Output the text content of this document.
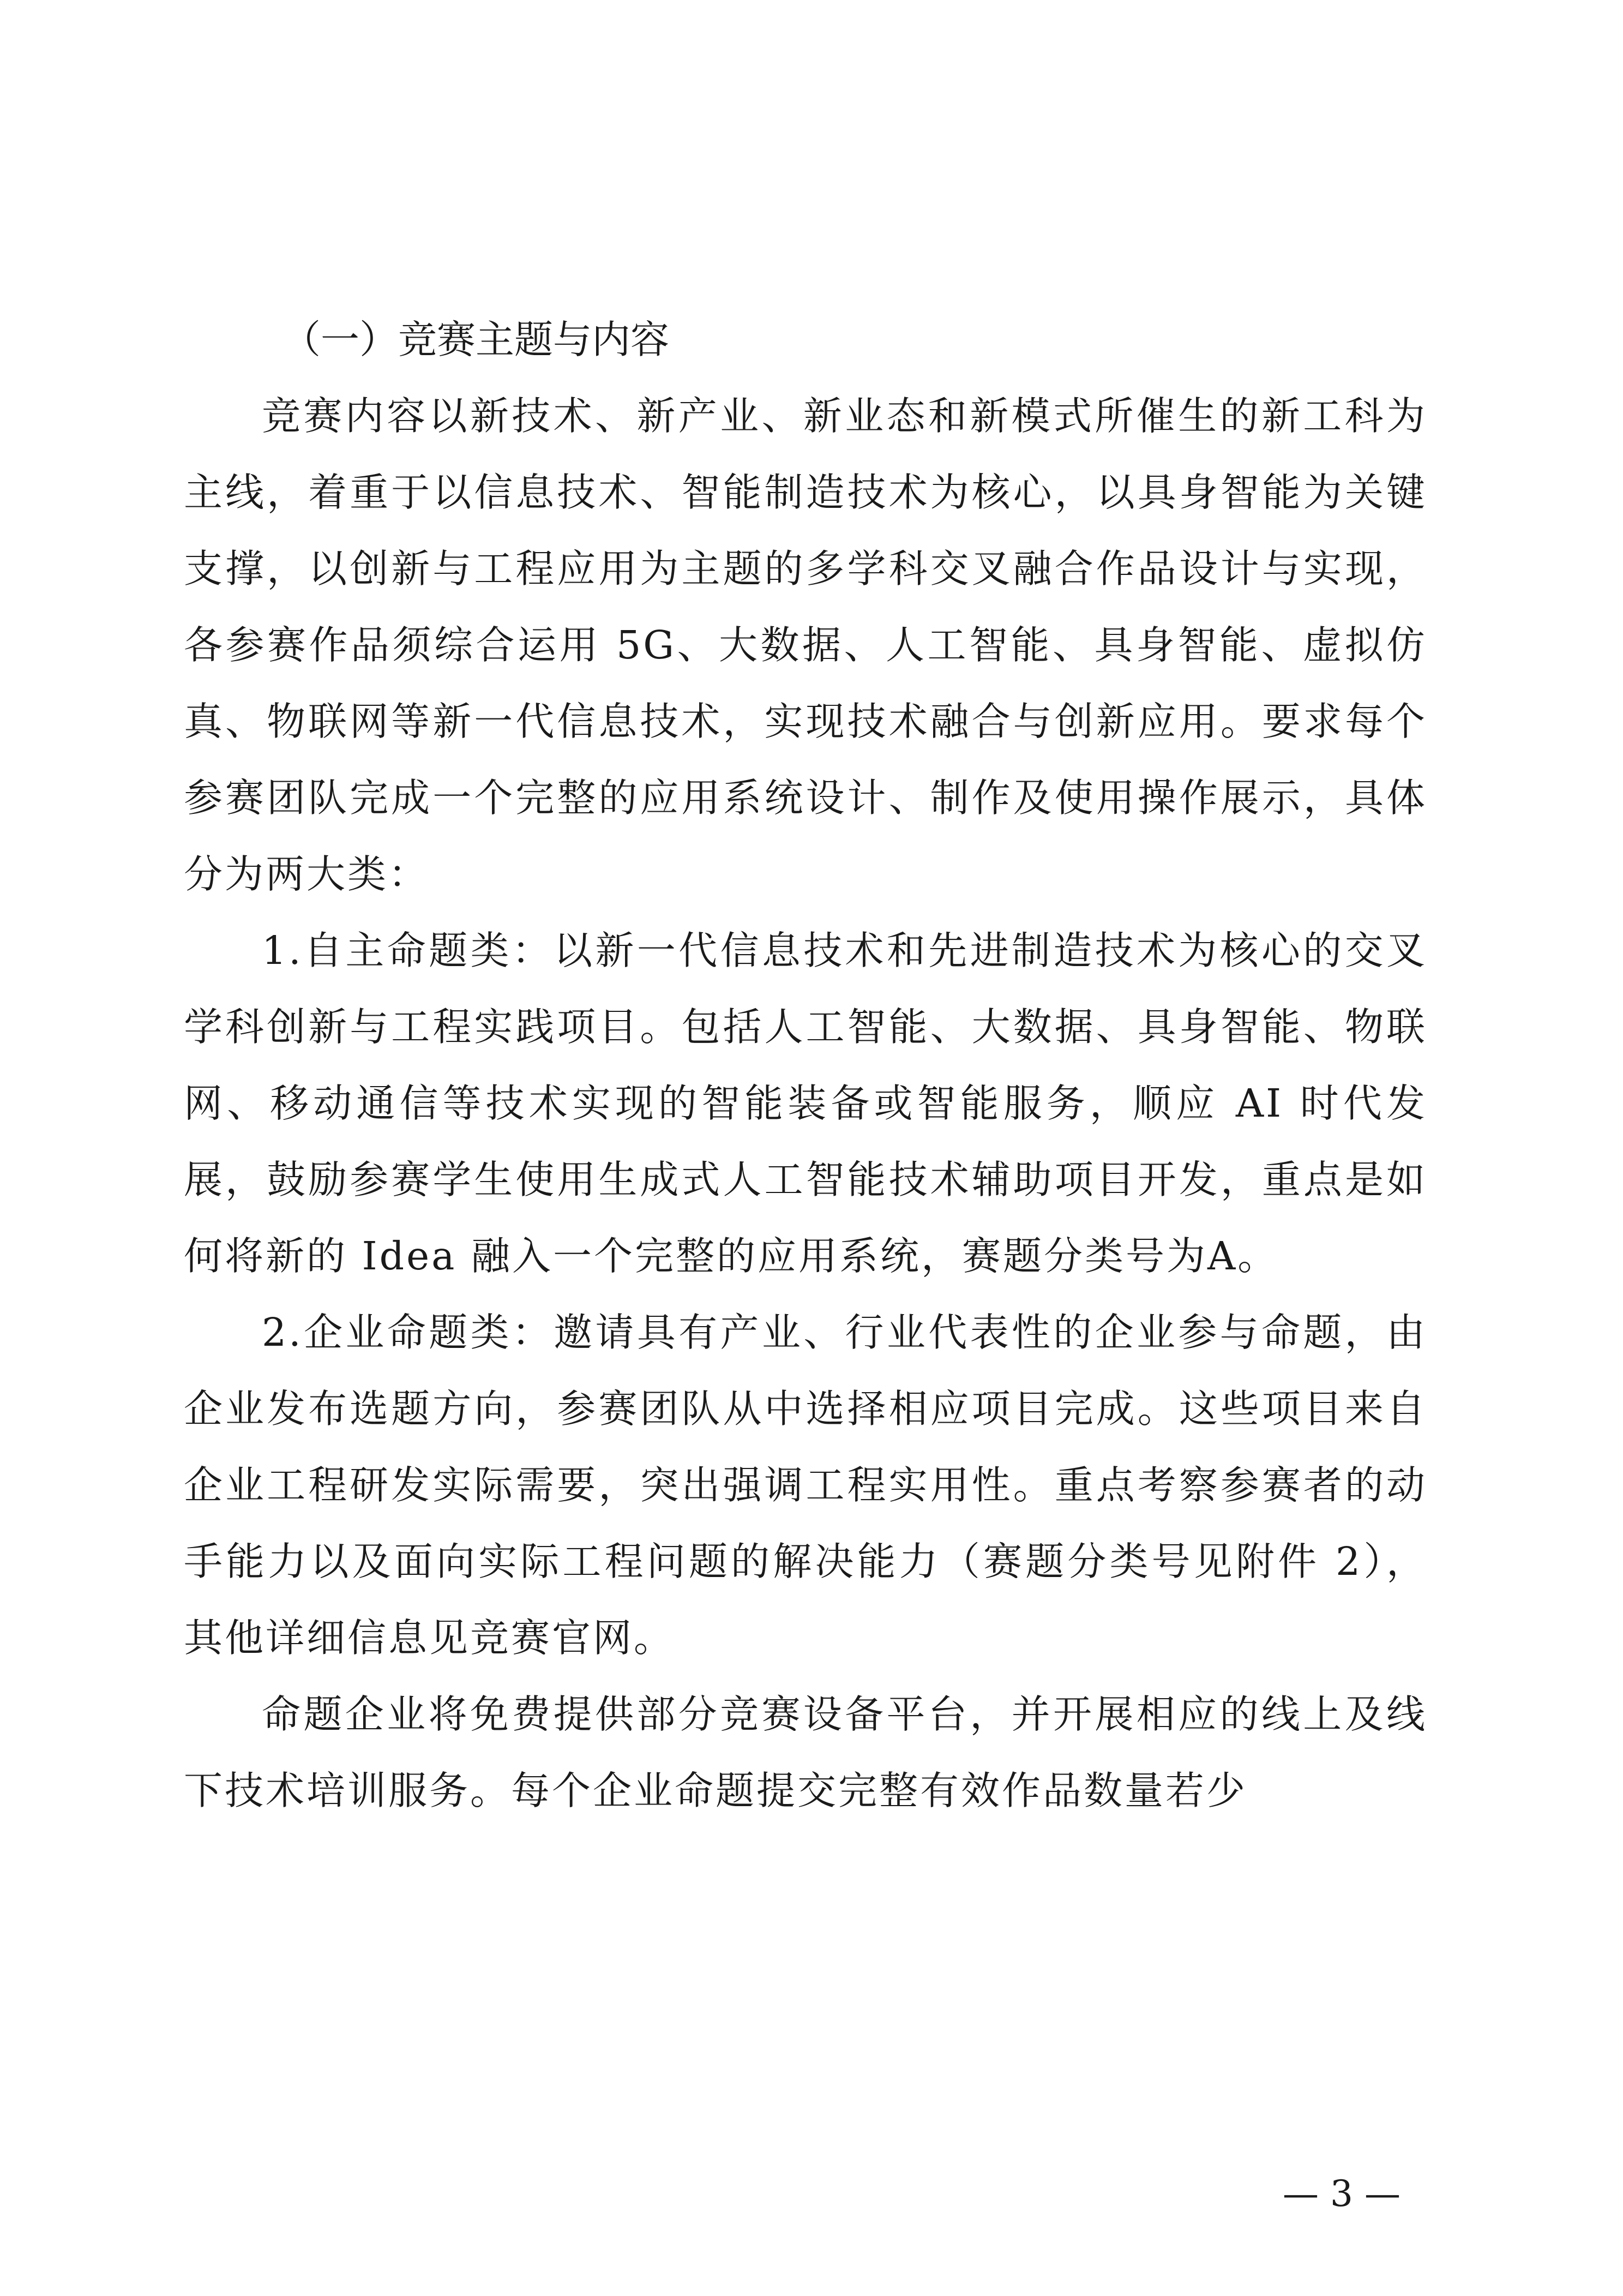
（一）竞赛主题与内容

竞赛内容以新技术、新产业、新业态和新模式所催生的新工科为主线，着重于以信息技术、智能制造技术为核心，以具身智能为关键支撑，以创新与工程应用为主题的多学科交叉融合作品设计与实现，各参赛作品须综合运用 5G、大数据、人工智能、具身智能、虚拟仿真、物联网等新一代信息技术，实现技术融合与创新应用。要求每个参赛团队完成一个完整的应用系统设计、制作及使用操作展示，具体分为两大类：

1.自主命题类：以新一代信息技术和先进制造技术为核心的交叉学科创新与工程实践项目。包括人工智能、大数据、具身智能、物联网、移动通信等技术实现的智能装备或智能服务，顺应 AI 时代发展，鼓励参赛学生使用生成式人工智能技术辅助项目开发，重点是如何将新的 Idea 融入一个完整的应用系统，赛题分类号为A。

2.企业命题类：邀请具有产业、行业代表性的企业参与命题，由企业发布选题方向，参赛团队从中选择相应项目完成。这些项目来自企业工程研发实际需要，突出强调工程实用性。重点考察参赛者的动手能力以及面向实际工程问题的解决能力（赛题分类号见附件 2），其他详细信息见竞赛官网。

命题企业将免费提供部分竞赛设备平台，并开展相应的线上及线下技术培训服务。每个企业命题提交完整有效作品数量若少

— 3 —
